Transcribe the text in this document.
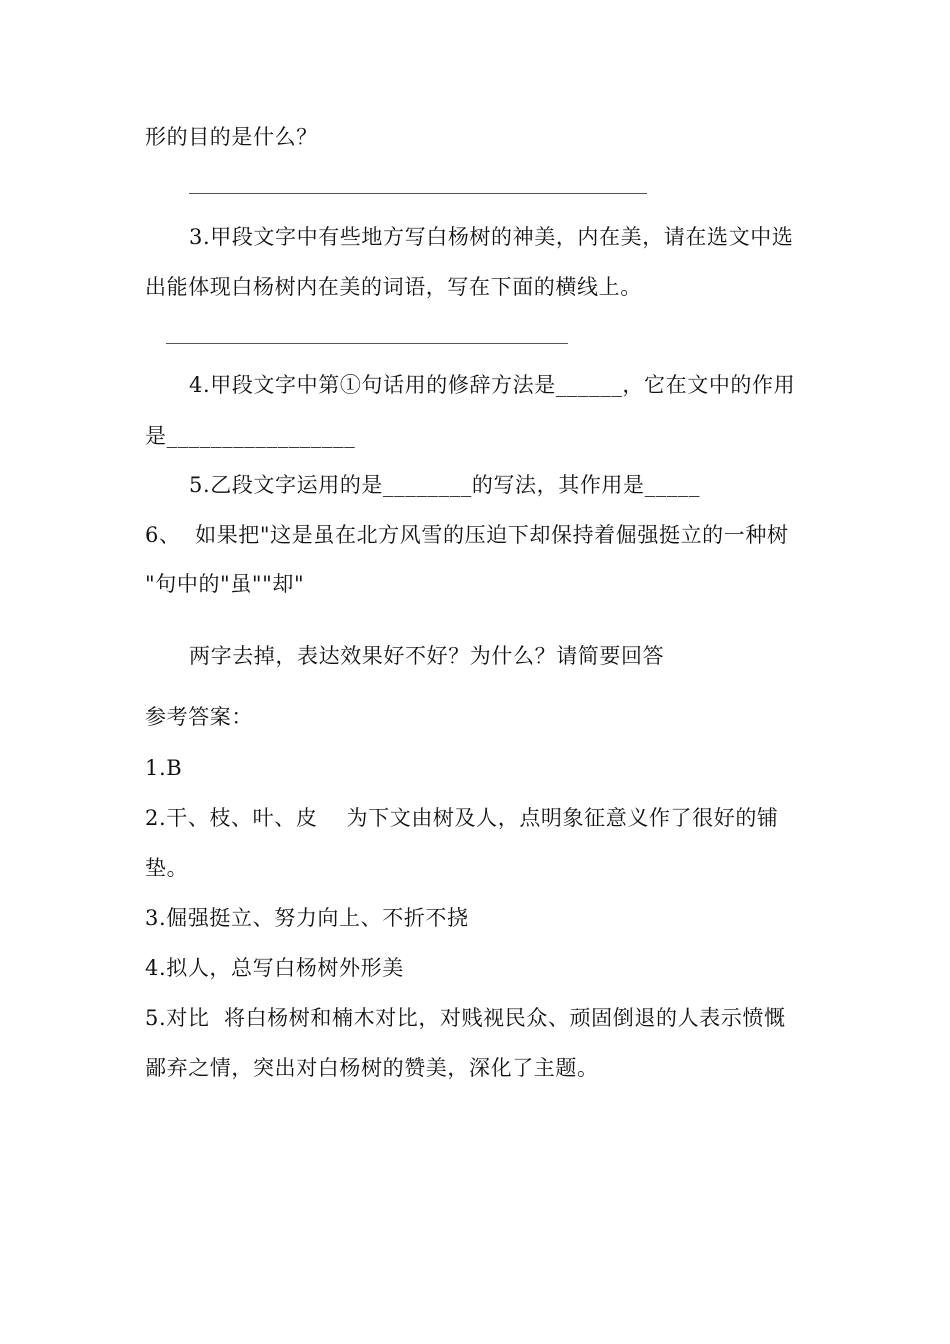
形的目的是什么？
3.甲段文字中有些地方写白杨树的神美，内在美，请在选文中选
出能体现白杨树内在美的词语，写在下面的横线上。
4.甲段文字中第①句话用的修辞方法是______，它在文中的作用
是_________________
5.乙段文字运用的是________的写法，其作用是_____
6、  如果把"这是虽在北方风雪的压迫下却保持着倔强挺立的一种树
"句中的"虽""却"
两字去掉，表达效果好不好？为什么？请简要回答
参考答案：
1.B
2.干、枝、叶、皮    为下文由树及人，点明象征意义作了很好的铺
垫。
3.倔强挺立、努力向上、不折不挠
4.拟人，总写白杨树外形美
5.对比  将白杨树和楠木对比，对贱视民众、顽固倒退的人表示愤慨
鄙弃之情，突出对白杨树的赞美，深化了主题。
